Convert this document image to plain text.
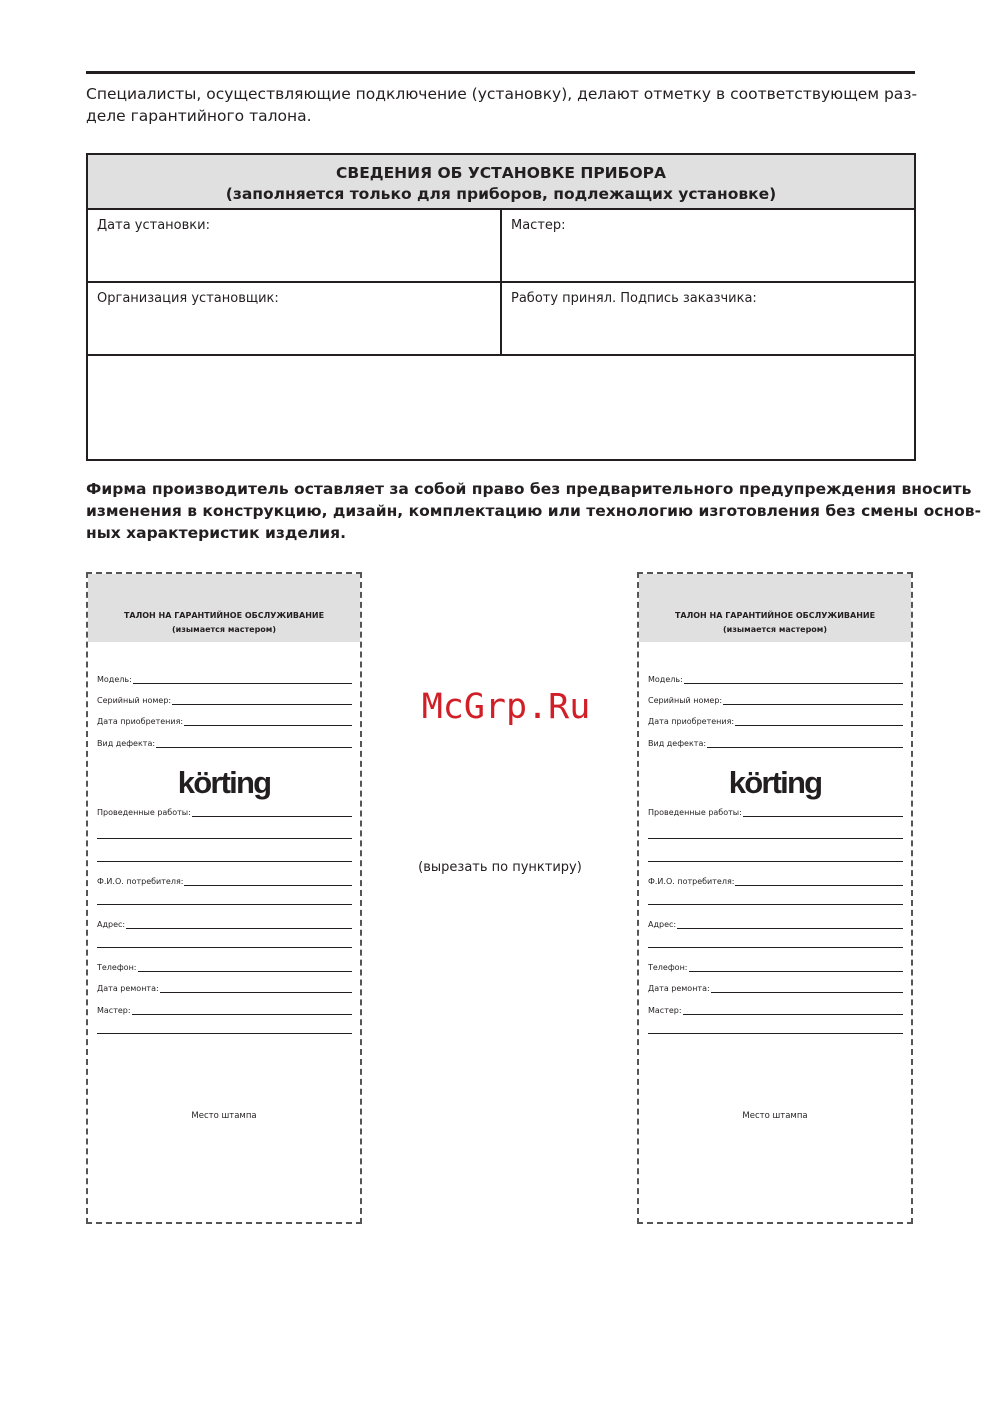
Специалисты, осуществляющие подключение (установку), делают отметку в соответствующем раз-
деле гарантийного талона.
СВЕДЕНИЯ ОБ УСТАНОВКЕ ПРИБОРА
(заполняется только для приборов, подлежащих установке)
Дата установки:	Мастер:
Организация установщик:	Работу принял. Подпись заказчика:
Фирма производитель оставляет за собой право без предварительного предупреждения вносить
изменения в конструкцию, дизайн, комплектацию или технологию изготовления без смены основ-
ных характеристик изделия.
ТАЛОН НА ГАРАНТИЙНОЕ ОБСЛУЖИВАНИЕ
(изымается мастером)
Модель:
Серийный номер:
Дата приобретения:
Вид дефекта:
körting
Проведенные работы:
Ф.И.О. потребителя:
Адрес:
Телефон:
Дата ремонта:
Мастер:
Место штампа
ТАЛОН НА ГАРАНТИЙНОЕ ОБСЛУЖИВАНИЕ
(изымается мастером)
Модель:
Серийный номер:
Дата приобретения:
Вид дефекта:
körting
Проведенные работы:
Ф.И.О. потребителя:
Адрес:
Телефон:
Дата ремонта:
Мастер:
Место штампа
McGrp.Ru
(вырезать по пунктиру)
